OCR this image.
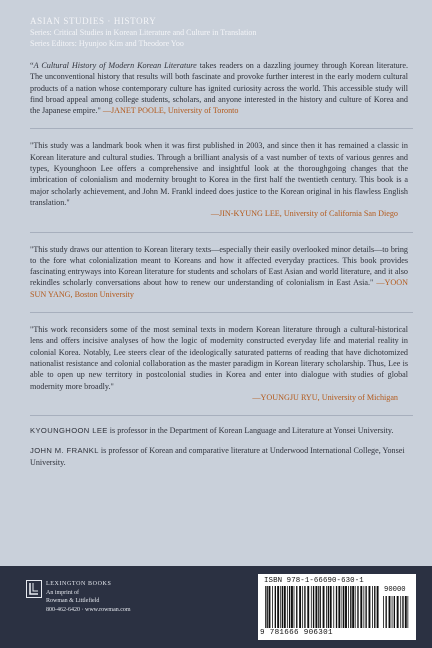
ASIAN STUDIES · HISTORY
Series: Critical Studies in Korean Literature and Culture in Translation
Series Editors: Hyunjoo Kim and Theodore Yoo
“A Cultural History of Modern Korean Literature takes readers on a dazzling journey through Korean literature. The unconventional history that results will both fascinate and provoke further interest in the early modern cultural products of a nation whose contemporary culture has ignited curiosity across the world. This accessible study will find broad appeal among college students, scholars, and anyone interested in the history and culture of Korea and the Japanese empire." —JANET POOLE, University of Toronto
"This study was a landmark book when it was first published in 2003, and since then it has remained a classic in Korean literature and cultural studies. Through a brilliant analysis of a vast number of texts of various genres and types, Kyounghoon Lee offers a comprehensive and insightful look at the thoroughgoing changes that the imbrication of colonialism and modernity brought to Korea in the first half the twentieth century. This book is a major scholarly achievement, and John M. Frankl indeed does justice to the Korean original in his flawless English translation."
—JIN-KYUNG LEE, University of California San Diego
"This study draws our attention to Korean literary texts—especially their easily overlooked minor details—to bring to the fore what colonialization meant to Koreans and how it affected everyday practices. This book provides fascinating entryways into Korean literature for students and scholars of East Asian and world literature, and it also rekindles scholarly conversations about how to renew our understanding of colonialism in East Asia." —YOON SUN YANG, Boston University
"This work reconsiders some of the most seminal texts in modern Korean literature through a cultural-historical lens and offers incisive analyses of how the logic of modernity constructed everyday life and material reality in colonial Korea. Notably, Lee steers clear of the ideologically saturated patterns of reading that have dichotomized nationalist resistance and colonial collaboration as the master paradigm in Korean literary scholarship. Thus, Lee is able to open up new territory in postcolonial studies in Korea and enter into dialogue with studies of global modernity more broadly."
—YOUNGJU RYU, University of Michigan
KYOUNGHOON LEE is professor in the Department of Korean Language and Literature at Yonsei University.
JOHN M. FRANKL is professor of Korean and comparative literature at Underwood International College, Yonsei University.
LEXINGTON BOOKS
An imprint of
Rowman & Littlefield
800-462-6420 · www.rowman.com
ISBN 978-1-66690-630-1
90000
9 781666 906301
